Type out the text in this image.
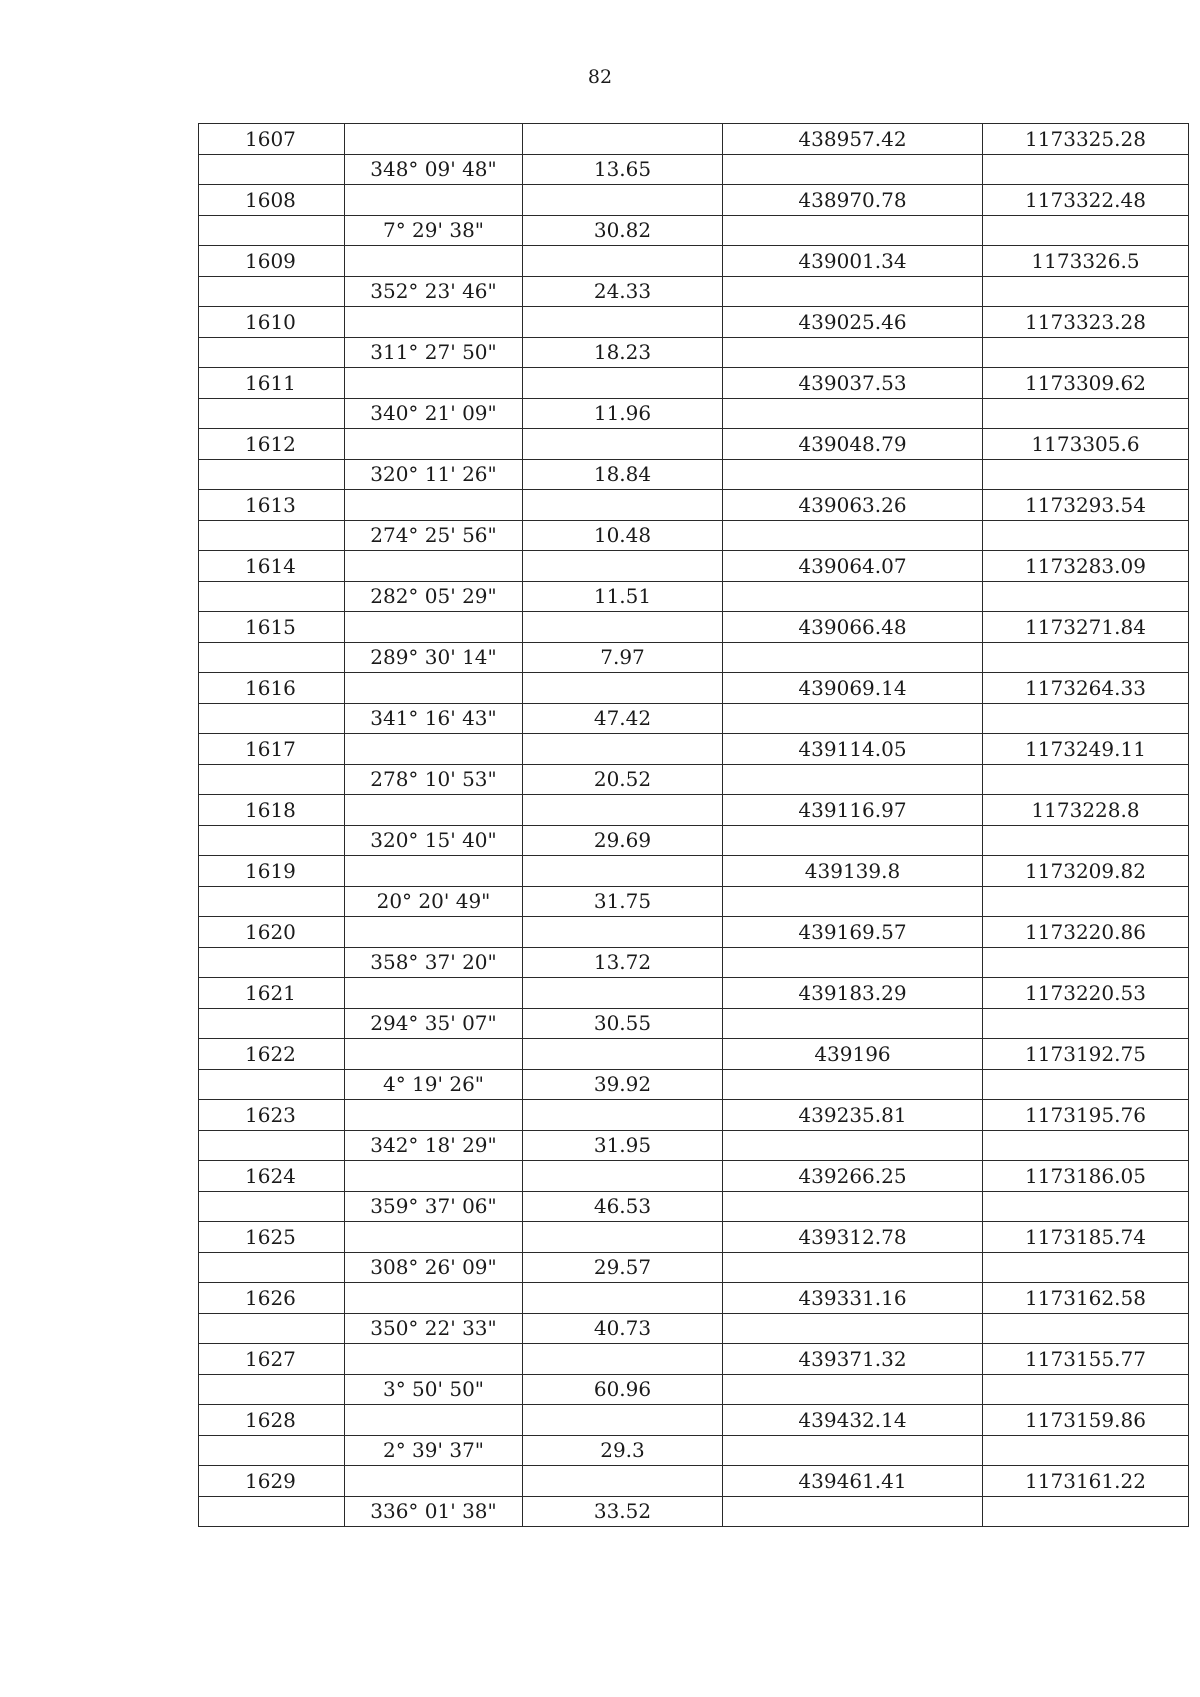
82
1607			438957.42	1173325.28
	348° 09' 48"	13.65		
1608			438970.78	1173322.48
	7° 29' 38"	30.82		
1609			439001.34	1173326.5
	352° 23' 46"	24.33		
1610			439025.46	1173323.28
	311° 27' 50"	18.23		
1611			439037.53	1173309.62
	340° 21' 09"	11.96		
1612			439048.79	1173305.6
	320° 11' 26"	18.84		
1613			439063.26	1173293.54
	274° 25' 56"	10.48		
1614			439064.07	1173283.09
	282° 05' 29"	11.51		
1615			439066.48	1173271.84
	289° 30' 14"	7.97		
1616			439069.14	1173264.33
	341° 16' 43"	47.42		
1617			439114.05	1173249.11
	278° 10' 53"	20.52		
1618			439116.97	1173228.8
	320° 15' 40"	29.69		
1619			439139.8	1173209.82
	20° 20' 49"	31.75		
1620			439169.57	1173220.86
	358° 37' 20"	13.72		
1621			439183.29	1173220.53
	294° 35' 07"	30.55		
1622			439196	1173192.75
	4° 19' 26"	39.92		
1623			439235.81	1173195.76
	342° 18' 29"	31.95		
1624			439266.25	1173186.05
	359° 37' 06"	46.53		
1625			439312.78	1173185.74
	308° 26' 09"	29.57		
1626			439331.16	1173162.58
	350° 22' 33"	40.73		
1627			439371.32	1173155.77
	3° 50' 50"	60.96		
1628			439432.14	1173159.86
	2° 39' 37"	29.3		
1629			439461.41	1173161.22
	336° 01' 38"	33.52		
